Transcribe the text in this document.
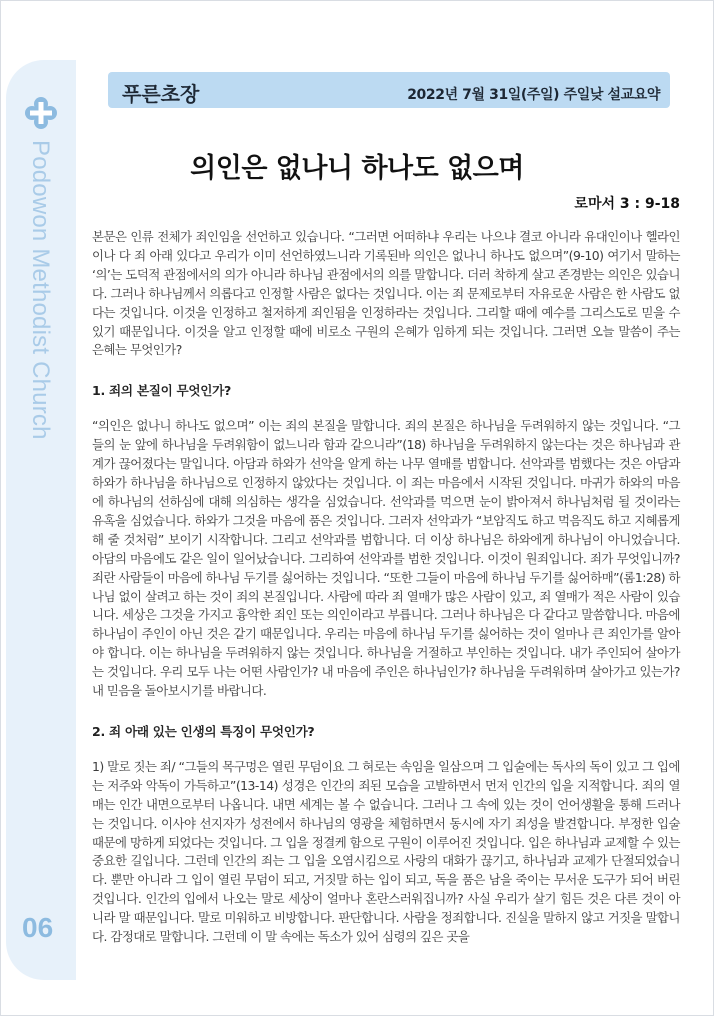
Podowon Methodist Church
06
푸른초장	2022년 7월 31일(주일) 주일낮 설교요약
의인은 없나니 하나도 없으며
로마서 3 : 9-18

본문은 인류 전체가 죄인임을 선언하고 있습니다. “그러면 어떠하냐 우리는 나으냐 결코 아니라 유대인이나 헬라인이나 다 죄 아래 있다고 우리가 이미 선언하였느니라 기록된바 의인은 없나니 하나도 없으며”(9-10) 여기서 말하는 ‘의’는 도덕적 관점에서의 의가 아니라 하나님 관점에서의 의를 말합니다. 더러 착하게 살고 존경받는 의인은 있습니다. 그러나 하나님께서 의롭다고 인정할 사람은 없다는 것입니다. 이는 죄 문제로부터 자유로운 사람은 한 사람도 없다는 것입니다. 이것을 인정하고 철저하게 죄인됨을 인정하라는 것입니다. 그리할 때에 예수를 그리스도로 믿을 수 있기 때문입니다. 이것을 알고 인정할 때에 비로소 구원의 은혜가 임하게 되는 것입니다. 그러면 오늘 말씀이 주는 은혜는 무엇인가?

1. 죄의 본질이 무엇인가?

“의인은 없나니 하나도 없으며” 이는 죄의 본질을 말합니다. 죄의 본질은 하나님을 두려워하지 않는 것입니다. “그들의 눈 앞에 하나님을 두려워함이 없느니라 함과 같으니라”(18) 하나님을 두려워하지 않는다는 것은 하나님과 관계가 끊어졌다는 말입니다. 아담과 하와가 선악을 알게 하는 나무 열매를 범합니다. 선악과를 범했다는 것은 아담과 하와가 하나님을 하나님으로 인정하지 않았다는 것입니다. 이 죄는 마음에서 시작된 것입니다. 마귀가 하와의 마음에 하나님의 선하심에 대해 의심하는 생각을 심었습니다. 선악과를 먹으면 눈이 밝아져서 하나님처럼 될 것이라는 유혹을 심었습니다. 하와가 그것을 마음에 품은 것입니다. 그러자 선악과가 “보암직도 하고 먹음직도 하고 지혜롭게 해 줄 것처럼” 보이기 시작합니다. 그리고 선악과를 범합니다. 더 이상 하나님은 하와에게 하나님이 아니었습니다. 아담의 마음에도 같은 일이 일어났습니다. 그리하여 선악과를 범한 것입니다. 이것이 원죄입니다. 죄가 무엇입니까? 죄란 사람들이 마음에 하나님 두기를 싫어하는 것입니다. “또한 그들이 마음에 하나님 두기를 싫어하매”(롬1:28) 하나님 없이 살려고 하는 것이 죄의 본질입니다. 사람에 따라 죄 열매가 많은 사람이 있고, 죄 열매가 적은 사람이 있습니다. 세상은 그것을 가지고 흉악한 죄인 또는 의인이라고 부릅니다. 그러나 하나님은 다 같다고 말씀합니다. 마음에 하나님이 주인이 아닌 것은 같기 때문입니다. 우리는 마음에 하나님 두기를 싫어하는 것이 얼마나 큰 죄인가를 알아야 합니다. 이는 하나님을 두려워하지 않는 것입니다. 하나님을 거절하고 부인하는 것입니다. 내가 주인되어 살아가는 것입니다. 우리 모두 나는 어떤 사람인가? 내 마음에 주인은 하나님인가? 하나님을 두려워하며 살아가고 있는가? 내 믿음을 돌아보시기를 바랍니다.

2. 죄 아래 있는 인생의 특징이 무엇인가?

1) 말로 짓는 죄/ “그들의 목구멍은 열린 무덤이요 그 혀로는 속임을 일삼으며 그 입술에는 독사의 독이 있고 그 입에는 저주와 악독이 가득하고”(13-14) 성경은 인간의 죄된 모습을 고발하면서 먼저 인간의 입을 지적합니다. 죄의 열매는 인간 내면으로부터 나옵니다. 내면 세계는 볼 수 없습니다. 그러나 그 속에 있는 것이 언어생활을 통해 드러나는 것입니다. 이사야 선지자가 성전에서 하나님의 영광을 체험하면서 동시에 자기 죄성을 발견합니다. 부정한 입술 때문에 망하게 되었다는 것입니다. 그 입을 정결케 함으로 구원이 이루어진 것입니다. 입은 하나님과 교제할 수 있는 중요한 길입니다. 그런데 인간의 죄는 그 입을 오염시킴으로 사랑의 대화가 끊기고, 하나님과 교제가 단절되었습니다. 뿐만 아니라 그 입이 열린 무덤이 되고, 거짓말 하는 입이 되고, 독을 품은 남을 죽이는 무서운 도구가 되어 버린 것입니다. 인간의 입에서 나오는 말로 세상이 얼마나 혼란스러워집니까? 사실 우리가 살기 힘든 것은 다른 것이 아니라 말 때문입니다. 말로 미워하고 비방합니다. 판단합니다. 사람을 정죄합니다. 진실을 말하지 않고 거짓을 말합니다. 감정대로 말합니다. 그런데 이 말 속에는 독소가 있어 심령의 깊은 곳을
